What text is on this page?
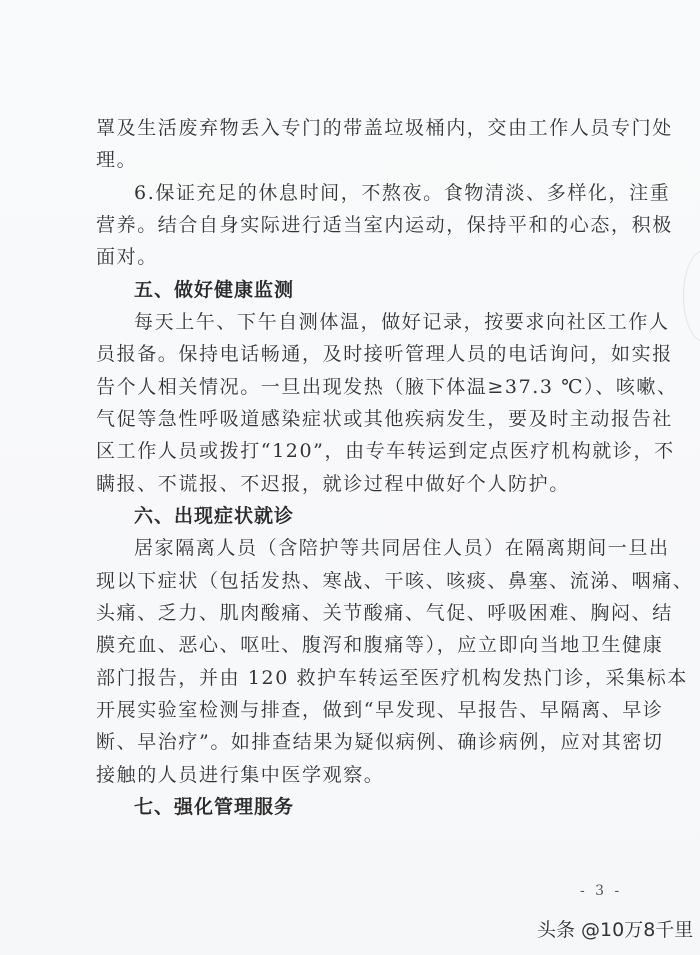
罩及生活废弃物丢入专门的带盖垃圾桶内，交由工作人员专门处
理。
6.保证充足的休息时间，不熬夜。食物清淡、多样化，注重
营养。结合自身实际进行适当室内运动，保持平和的心态，积极
面对。
五、做好健康监测
每天上午、下午自测体温，做好记录，按要求向社区工作人
员报备。保持电话畅通，及时接听管理人员的电话询问，如实报
告个人相关情况。一旦出现发热（腋下体温≥37.3 ℃）、咳嗽、
气促等急性呼吸道感染症状或其他疾病发生，要及时主动报告社
区工作人员或拨打“120”，由专车转运到定点医疗机构就诊，不
瞒报、不谎报、不迟报，就诊过程中做好个人防护。
六、出现症状就诊
居家隔离人员（含陪护等共同居住人员）在隔离期间一旦出
现以下症状（包括发热、寒战、干咳、咳痰、鼻塞、流涕、咽痛、
头痛、乏力、肌肉酸痛、关节酸痛、气促、呼吸困难、胸闷、结
膜充血、恶心、呕吐、腹泻和腹痛等），应立即向当地卫生健康
部门报告，并由 120 救护车转运至医疗机构发热门诊，采集标本
开展实验室检测与排查，做到“早发现、早报告、早隔离、早诊
断、早治疗”。如排查结果为疑似病例、确诊病例，应对其密切
接触的人员进行集中医学观察。
七、强化管理服务
- 3 -
头条 @10万8千里
